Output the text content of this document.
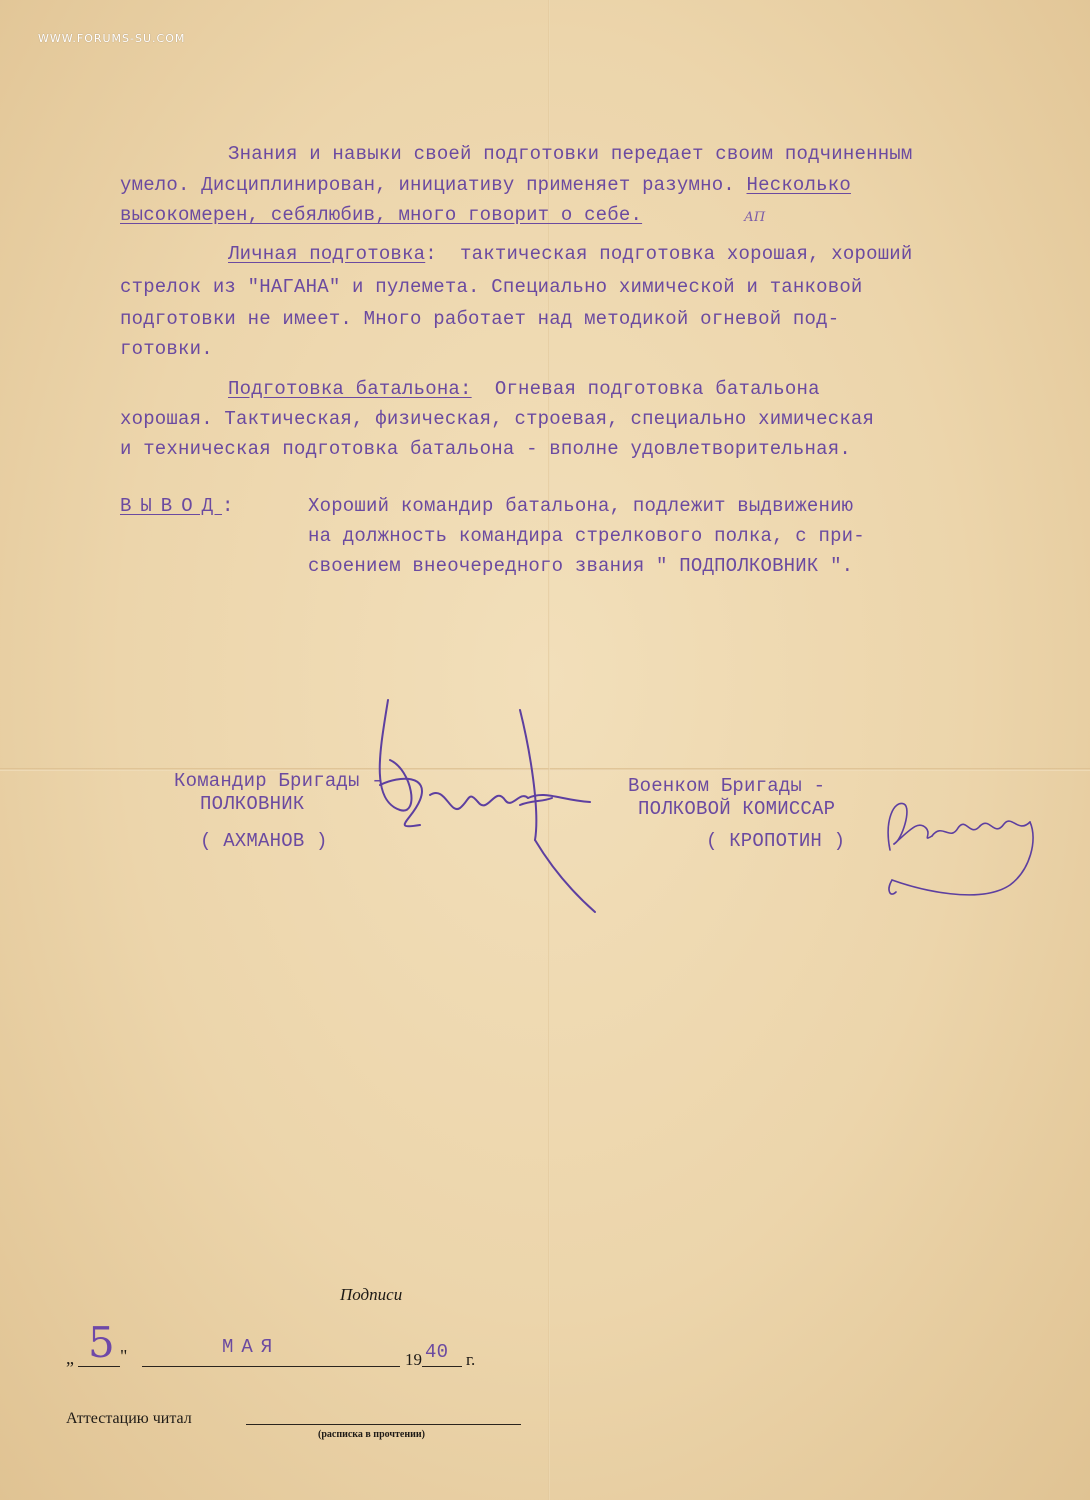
WWW.FORUMS-SU.COM
Знания и навыки своей подготовки передает своим подчиненным
умело. Дисциплинирован, инициативу применяет разумно. Несколько
высокомерен, себялюбив, много говорит о себе.	АП
Личная подготовка:  тактическая подготовка хорошая, хороший
стрелок из "НАГАНА" и пулемета. Специально химической и танковой
подготовки не имеет. Много работает над методикой огневой под-
готовки.
Подготовка батальона:  Огневая подготовка батальона
хорошая. Тактическая, физическая, строевая, специально химическая
и техническая подготовка батальона - вполне удовлетворительная.
ВЫВОД:	Хороший командир батальона, подлежит выдвижению
на должность командира стрелкового полка, с при-
своением внеочередного звания " ПОДПОЛКОВНИК ".
Командир Бригады -
ПОЛКОВНИК
( АХМАНОВ )
Военком Бригады -
ПОЛКОВОЙ КОМИССАР
( КРОПОТИН )
Подписи
„ 5 "	МАЯ
19 40 г.
Аттестацию читал
(расписка в прочтении)
